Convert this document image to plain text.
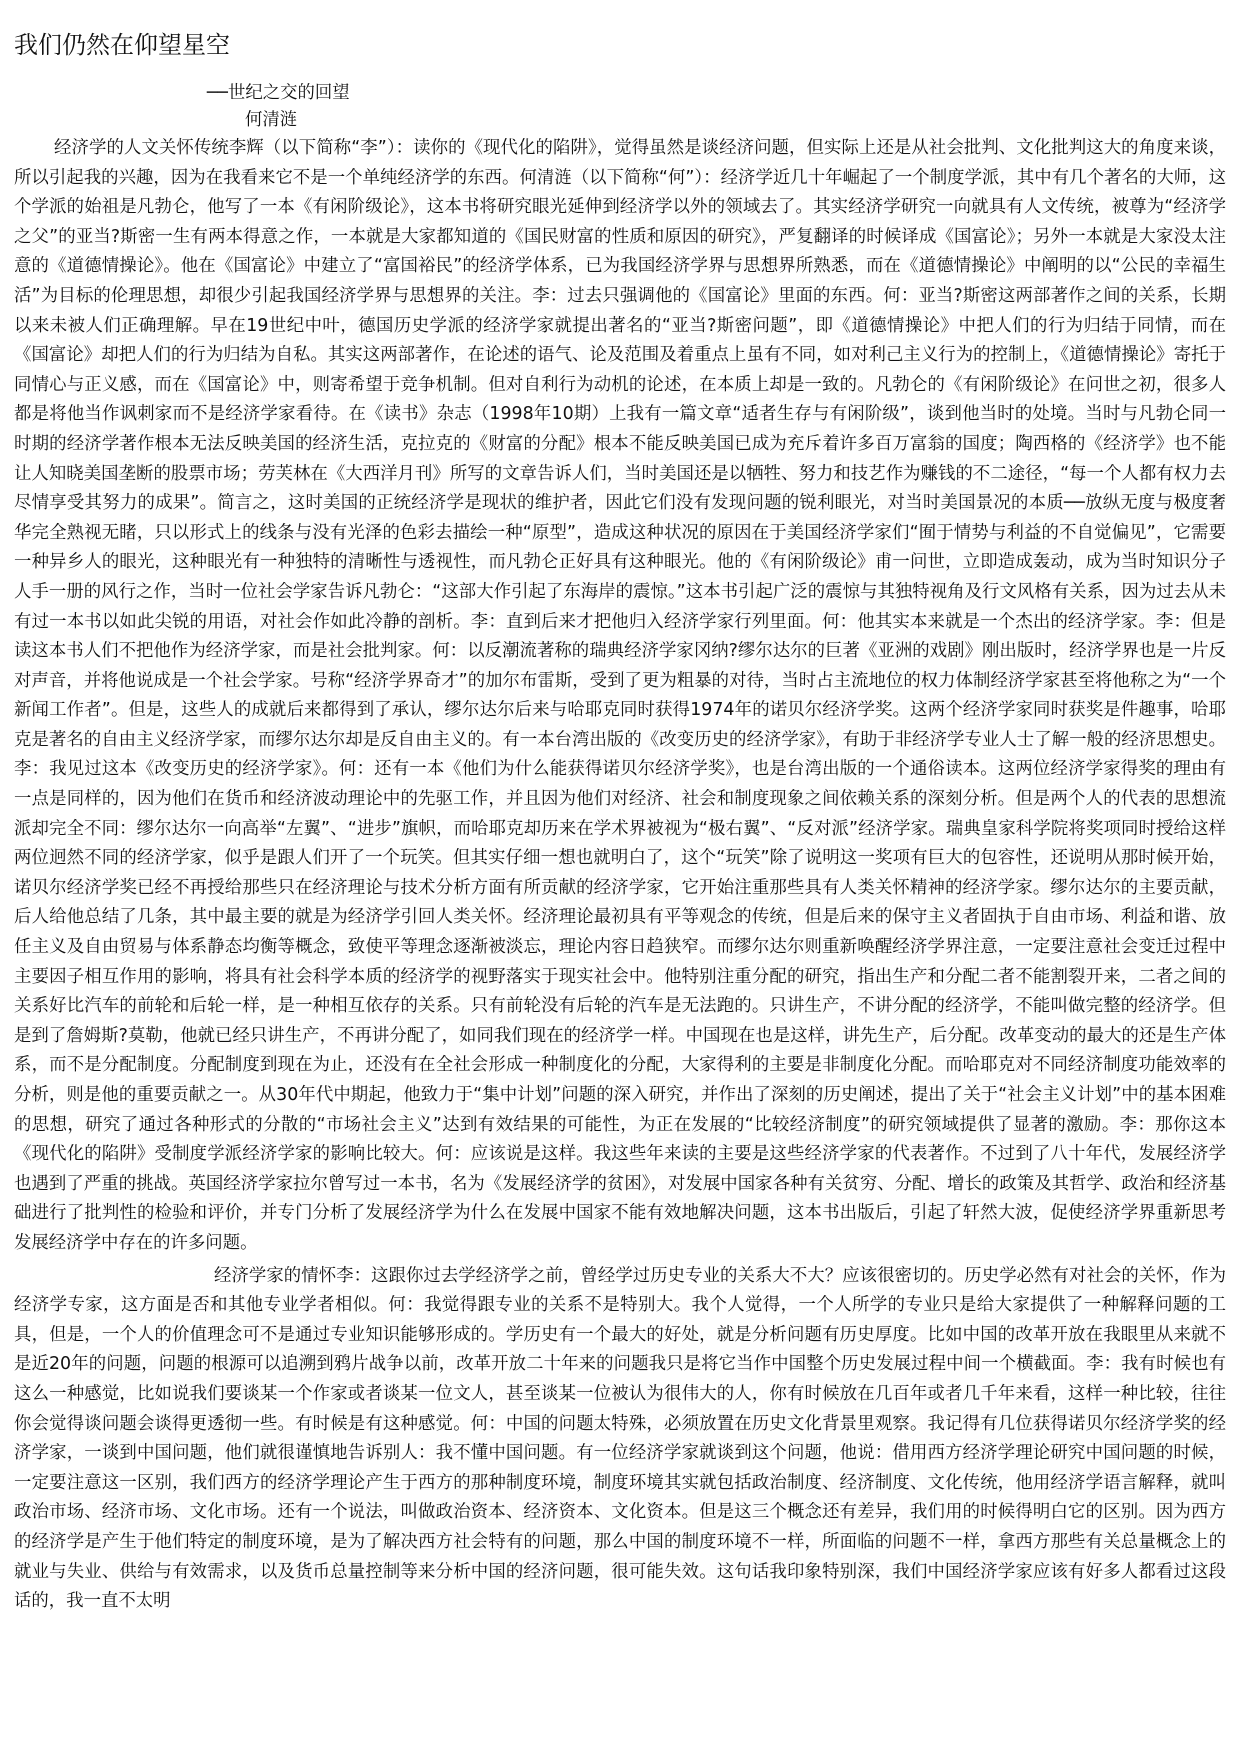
我们仍然在仰望星空
──世纪之交的回望
何清涟

经济学的人文关怀传统李辉（以下简称“李”）：读你的《现代化的陷阱》，觉得虽然是谈经济问题，但实际上还是从社会批判、文化批判这大的角度来谈，所以引起我的兴趣，因为在我看来它不是一个单纯经济学的东西。何清涟（以下简称“何”）：经济学近几十年崛起了一个制度学派，其中有几个著名的大师，这个学派的始祖是凡勃仑，他写了一本《有闲阶级论》，这本书将研究眼光延伸到经济学以外的领域去了。其实经济学研究一向就具有人文传统，被尊为“经济学之父”的亚当?斯密一生有两本得意之作，一本就是大家都知道的《国民财富的性质和原因的研究》，严复翻译的时候译成《国富论》；另外一本就是大家没太注意的《道德情操论》。他在《国富论》中建立了“富国裕民”的经济学体系，已为我国经济学界与思想界所熟悉，而在《道德情操论》中阐明的以“公民的幸福生活”为目标的伦理思想，却很少引起我国经济学界与思想界的关注。李：过去只强调他的《国富论》里面的东西。何：亚当?斯密这两部著作之间的关系，长期以来未被人们正确理解。早在19世纪中叶，德国历史学派的经济学家就提出著名的“亚当?斯密问题”，即《道德情操论》中把人们的行为归结于同情，而在《国富论》却把人们的行为归结为自私。其实这两部著作，在论述的语气、论及范围及着重点上虽有不同，如对利己主义行为的控制上，《道德情操论》寄托于同情心与正义感，而在《国富论》中，则寄希望于竞争机制。但对自利行为动机的论述，在本质上却是一致的。凡勃仑的《有闲阶级论》在问世之初，很多人都是将他当作讽刺家而不是经济学家看待。在《读书》杂志（1998年10期）上我有一篇文章“适者生存与有闲阶级”，谈到他当时的处境。当时与凡勃仑同一时期的经济学著作根本无法反映美国的经济生活，克拉克的《财富的分配》根本不能反映美国已成为充斥着许多百万富翁的国度；陶西格的《经济学》也不能让人知晓美国垄断的股票市场；劳芙林在《大西洋月刊》所写的文章告诉人们，当时美国还是以牺牲、努力和技艺作为赚钱的不二途径，“每一个人都有权力去尽情享受其努力的成果”。简言之，这时美国的正统经济学是现状的维护者，因此它们没有发现问题的锐利眼光，对当时美国景况的本质──放纵无度与极度奢华完全熟视无睹，只以形式上的线条与没有光泽的色彩去描绘一种“原型”，造成这种状况的原因在于美国经济学家们“囿于情势与利益的不自觉偏见”，它需要一种异乡人的眼光，这种眼光有一种独特的清晰性与透视性，而凡勃仑正好具有这种眼光。他的《有闲阶级论》甫一问世，立即造成轰动，成为当时知识分子人手一册的风行之作，当时一位社会学家告诉凡勃仑：“这部大作引起了东海岸的震惊。”这本书引起广泛的震惊与其独特视角及行文风格有关系，因为过去从未有过一本书以如此尖锐的用语，对社会作如此冷静的剖析。李：直到后来才把他归入经济学家行列里面。何：他其实本来就是一个杰出的经济学家。李：但是读这本书人们不把他作为经济学家，而是社会批判家。何：以反潮流著称的瑞典经济学家冈纳?缪尔达尔的巨著《亚洲的戏剧》刚出版时，经济学界也是一片反对声音，并将他说成是一个社会学家。号称“经济学界奇才”的加尔布雷斯，受到了更为粗暴的对待，当时占主流地位的权力体制经济学家甚至将他称之为“一个新闻工作者”。但是，这些人的成就后来都得到了承认，缪尔达尔后来与哈耶克同时获得1974年的诺贝尔经济学奖。这两个经济学家同时获奖是件趣事，哈耶克是著名的自由主义经济学家，而缪尔达尔却是反自由主义的。有一本台湾出版的《改变历史的经济学家》，有助于非经济学专业人士了解一般的经济思想史。李：我见过这本《改变历史的经济学家》。何：还有一本《他们为什么能获得诺贝尔经济学奖》，也是台湾出版的一个通俗读本。这两位经济学家得奖的理由有一点是同样的，因为他们在货币和经济波动理论中的先驱工作，并且因为他们对经济、社会和制度现象之间依赖关系的深刻分析。但是两个人的代表的思想流派却完全不同：缪尔达尔一向高举“左翼”、“进步”旗帜，而哈耶克却历来在学术界被视为“极右翼”、“反对派”经济学家。瑞典皇家科学院将奖项同时授给这样两位迥然不同的经济学家，似乎是跟人们开了一个玩笑。但其实仔细一想也就明白了，这个“玩笑”除了说明这一奖项有巨大的包容性，还说明从那时候开始，诺贝尔经济学奖已经不再授给那些只在经济理论与技术分析方面有所贡献的经济学家，它开始注重那些具有人类关怀精神的经济学家。缪尔达尔的主要贡献，后人给他总结了几条，其中最主要的就是为经济学引回人类关怀。经济理论最初具有平等观念的传统，但是后来的保守主义者固执于自由市场、利益和谐、放任主义及自由贸易与体系静态均衡等概念，致使平等理念逐渐被淡忘，理论内容日趋狭窄。而缪尔达尔则重新唤醒经济学界注意，一定要注意社会变迁过程中主要因子相互作用的影响，将具有社会科学本质的经济学的视野落实于现实社会中。他特别注重分配的研究，指出生产和分配二者不能割裂开来，二者之间的关系好比汽车的前轮和后轮一样，是一种相互依存的关系。只有前轮没有后轮的汽车是无法跑的。只讲生产，不讲分配的经济学，不能叫做完整的经济学。但是到了詹姆斯?莫勒，他就已经只讲生产，不再讲分配了，如同我们现在的经济学一样。中国现在也是这样，讲先生产，后分配。改革变动的最大的还是生产体系，而不是分配制度。分配制度到现在为止，还没有在全社会形成一种制度化的分配，大家得利的主要是非制度化分配。而哈耶克对不同经济制度功能效率的分析，则是他的重要贡献之一。从30年代中期起，他致力于“集中计划”问题的深入研究，并作出了深刻的历史阐述，提出了关于“社会主义计划”中的基本困难的思想，研究了通过各种形式的分散的“市场社会主义”达到有效结果的可能性，为正在发展的“比较经济制度”的研究领域提供了显著的激励。李：那你这本《现代化的陷阱》受制度学派经济学家的影响比较大。何：应该说是这样。我这些年来读的主要是这些经济学家的代表著作。不过到了八十年代，发展经济学也遇到了严重的挑战。英国经济学家拉尔曾写过一本书，名为《发展经济学的贫困》，对发展中国家各种有关贫穷、分配、增长的政策及其哲学、政治和经济基础进行了批判性的检验和评价，并专门分析了发展经济学为什么在发展中国家不能有效地解决问题，这本书出版后，引起了轩然大波，促使经济学界重新思考发展经济学中存在的许多问题。

经济学家的情怀李：这跟你过去学经济学之前，曾经学过历史专业的关系大不大？应该很密切的。历史学必然有对社会的关怀，作为经济学专家，这方面是否和其他专业学者相似。何：我觉得跟专业的关系不是特别大。我个人觉得，一个人所学的专业只是给大家提供了一种解释问题的工具，但是，一个人的价值理念可不是通过专业知识能够形成的。学历史有一个最大的好处，就是分析问题有历史厚度。比如中国的改革开放在我眼里从来就不是近20年的问题，问题的根源可以追溯到鸦片战争以前，改革开放二十年来的问题我只是将它当作中国整个历史发展过程中间一个横截面。李：我有时候也有这么一种感觉，比如说我们要谈某一个作家或者谈某一位文人，甚至谈某一位被认为很伟大的人，你有时候放在几百年或者几千年来看，这样一种比较，往往你会觉得谈问题会谈得更透彻一些。有时候是有这种感觉。何：中国的问题太特殊，必须放置在历史文化背景里观察。我记得有几位获得诺贝尔经济学奖的经济学家，一谈到中国问题，他们就很谨慎地告诉别人：我不懂中国问题。有一位经济学家就谈到这个问题，他说：借用西方经济学理论研究中国问题的时候，一定要注意这一区别，我们西方的经济学理论产生于西方的那种制度环境，制度环境其实就包括政治制度、经济制度、文化传统，他用经济学语言解释，就叫政治市场、经济市场、文化市场。还有一个说法，叫做政治资本、经济资本、文化资本。但是这三个概念还有差异，我们用的时候得明白它的区别。因为西方的经济学是产生于他们特定的制度环境，是为了解决西方社会特有的问题，那么中国的制度环境不一样，所面临的问题不一样，拿西方那些有关总量概念上的就业与失业、供给与有效需求，以及货币总量控制等来分析中国的经济问题，很可能失效。这句话我印象特别深，我们中国经济学家应该有好多人都看过这段话的，我一直不太明
